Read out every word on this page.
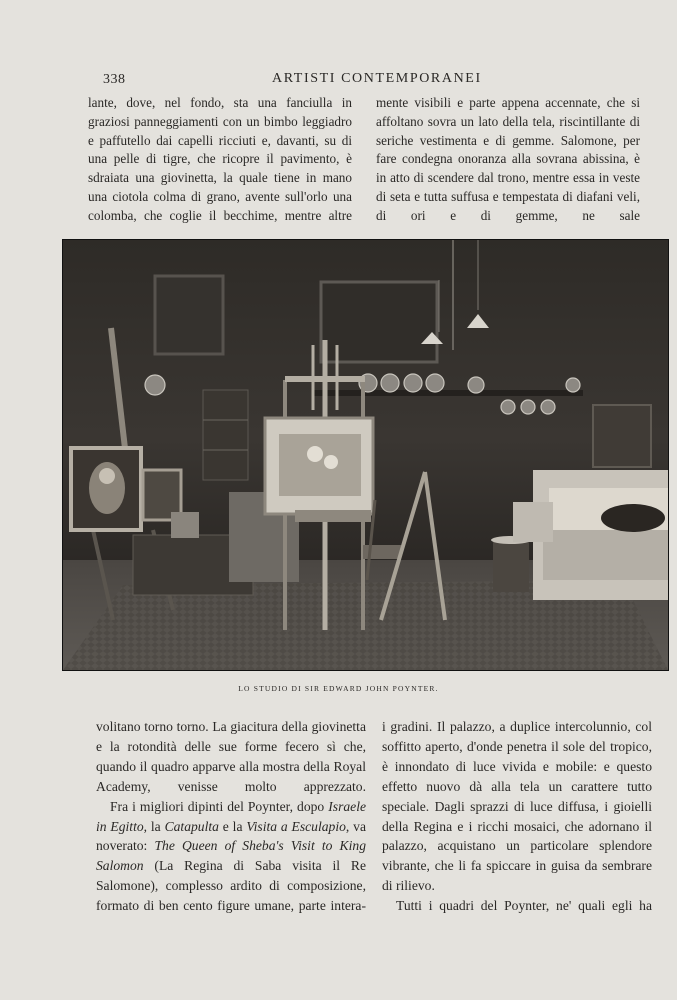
338	ARTISTI CONTEMPORANEI

lante, dove, nel fondo, sta una fanciulla in graziosi panneggiamenti con un bimbo leggiadro e paffutello dai capelli ricciuti e, davanti, su di una pelle di tigre, che ricopre il pavimento, è sdraiata una giovinetta, la quale tiene in mano una ciotola colma di grano, avente sull'orlo una colomba, che coglie il becchime, mentre altre

mente visibili e parte appena accennate, che si affoltano sovra un lato della tela, riscintillante di seriche vestimenta e di gemme. Salomone, per fare condegna onoranza alla sovrana abissina, è in atto di scendere dal trono, mentre essa in veste di seta e tutta suffusa e tempestata di diafani veli, di ori e di gemme, ne sale

LO STUDIO DI SIR EDWARD JOHN POYNTER.

volitano torno torno. La giacitura della giovinetta e la rotondità delle sue forme fecero sì che, quando il quadro apparve alla mostra della Royal Academy, venisse molto apprezzato.

Fra i migliori dipinti del Poynter, dopo Israele in Egitto, la Catapulta e la Visita a Esculapio, va noverato: The Queen of Sheba's Visit to King Salomon (La Regina di Saba visita il Re Salomone), complesso ardito di composizione, formato di ben cento figure umane, parte intera-

i gradini. Il palazzo, a duplice intercolunnio, col soffitto aperto, d'onde penetra il sole del tropico, è innondato di luce vivida e mobile: e questo effetto nuovo dà alla tela un carattere tutto speciale. Dagli sprazzi di luce diffusa, i gioielli della Regina e i ricchi mosaici, che adornano il palazzo, acquistano un particolare splendore vibrante, che li fa spiccare in guisa da sembrare di rilievo.

Tutti i quadri del Poynter, ne' quali egli ha
